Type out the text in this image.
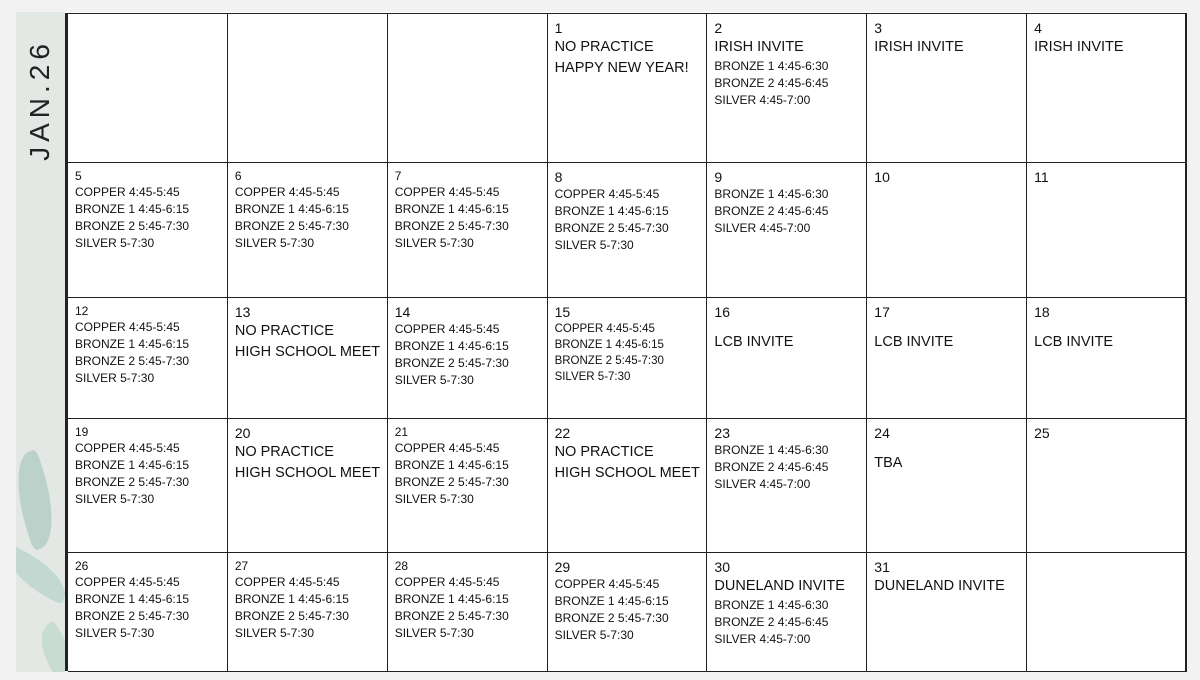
JAN.26
1
NO PRACTICE
HAPPY NEW YEAR!
2
IRISH INVITE
BRONZE 1 4:45-6:30
BRONZE 2 4:45-6:45
SILVER 4:45-7:00
3
IRISH INVITE
4
IRISH INVITE
5
COPPER 4:45-5:45
BRONZE 1 4:45-6:15
BRONZE 2 5:45-7:30
SILVER 5-7:30
6
COPPER 4:45-5:45
BRONZE 1 4:45-6:15
BRONZE 2 5:45-7:30
SILVER 5-7:30
7
COPPER 4:45-5:45
BRONZE 1 4:45-6:15
BRONZE 2 5:45-7:30
SILVER 5-7:30
8
COPPER 4:45-5:45
BRONZE 1 4:45-6:15
BRONZE 2 5:45-7:30
SILVER 5-7:30
9
BRONZE 1 4:45-6:30
BRONZE 2 4:45-6:45
SILVER 4:45-7:00
10	11
12
COPPER 4:45-5:45
BRONZE 1 4:45-6:15
BRONZE 2 5:45-7:30
SILVER 5-7:30
13
NO PRACTICE
HIGH SCHOOL MEET
14
COPPER 4:45-5:45
BRONZE 1 4:45-6:15
BRONZE 2 5:45-7:30
SILVER 5-7:30
15
COPPER 4:45-5:45
BRONZE 1 4:45-6:15
BRONZE 2 5:45-7:30
SILVER 5-7:30
16
LCB INVITE
17
LCB INVITE
18
LCB INVITE
19
COPPER 4:45-5:45
BRONZE 1 4:45-6:15
BRONZE 2 5:45-7:30
SILVER 5-7:30
20
NO PRACTICE
HIGH SCHOOL MEET
21
COPPER 4:45-5:45
BRONZE 1 4:45-6:15
BRONZE 2 5:45-7:30
SILVER 5-7:30
22
NO PRACTICE
HIGH SCHOOL MEET
23
BRONZE 1 4:45-6:30
BRONZE 2 4:45-6:45
SILVER 4:45-7:00
24
TBA
25
26
COPPER 4:45-5:45
BRONZE 1 4:45-6:15
BRONZE 2 5:45-7:30
SILVER 5-7:30
27
COPPER 4:45-5:45
BRONZE 1 4:45-6:15
BRONZE 2 5:45-7:30
SILVER 5-7:30
28
COPPER 4:45-5:45
BRONZE 1 4:45-6:15
BRONZE 2 5:45-7:30
SILVER 5-7:30
29
COPPER 4:45-5:45
BRONZE 1 4:45-6:15
BRONZE 2 5:45-7:30
SILVER 5-7:30
30
DUNELAND INVITE
BRONZE 1 4:45-6:30
BRONZE 2 4:45-6:45
SILVER 4:45-7:00
31
DUNELAND INVITE
